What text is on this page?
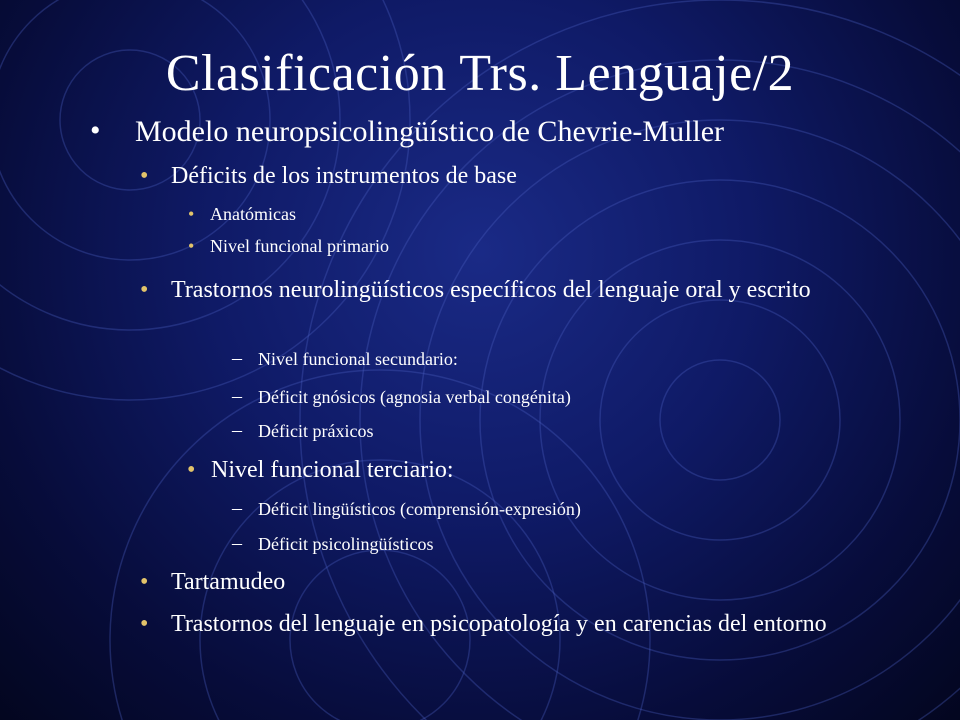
Clasificación Trs. Lenguaje/2
• Modelo neuropsicolingüístico de Chevrie-Muller
• Déficits de los instrumentos de base
• Anatómicas
• Nivel funcional primario
• Trastornos neurolingüísticos específicos del lenguaje oral y escrito
– Nivel funcional secundario:
– Déficit gnósicos (agnosia verbal congénita)
– Déficit práxicos
• Nivel funcional terciario:
– Déficit lingüísticos (comprensión-expresión)
– Déficit psicolingüísticos
• Tartamudeo
• Trastornos del lenguaje en psicopatología y en carencias del entorno
